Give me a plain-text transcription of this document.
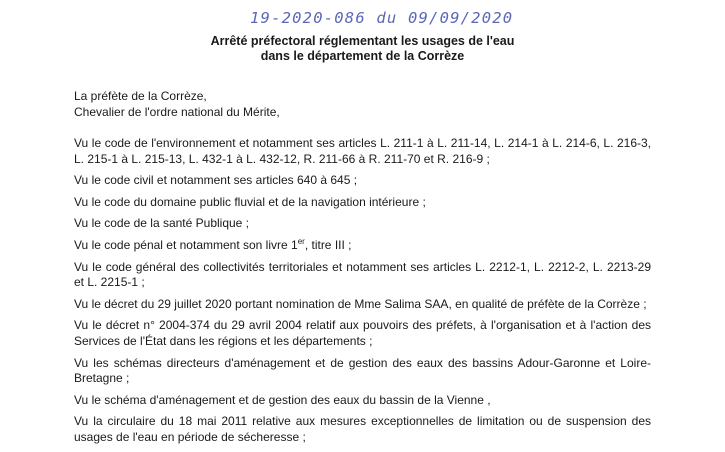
19-2020-086 du 09/09/2020
Arrêté préfectoral réglementant les usages de l'eau
dans le département de la Corrèze
La préfète de la Corrèze,
Chevalier de l'ordre national du Mérite,

Vu le code de l'environnement et notamment ses articles L. 211-1 à L. 211-14, L. 214-1 à L. 214-6, L. 216-3, L. 215-1 à L. 215-13, L. 432-1 à L. 432-12, R. 211-66 à R. 211-70 et R. 216-9 ;

Vu le code civil et notamment ses articles 640 à 645 ;

Vu le code du domaine public fluvial et de la navigation intérieure ;

Vu le code de la santé Publique ;

Vu le code pénal et notamment son livre 1er, titre III ;

Vu le code général des collectivités territoriales et notamment ses articles L. 2212-1, L. 2212-2, L. 2213-29 et L. 2215-1 ;

Vu le décret du 29 juillet 2020 portant nomination de Mme Salima SAA, en qualité de préfète de la Corrèze ;

Vu le décret n° 2004-374 du 29 avril 2004 relatif aux pouvoirs des préfets, à l'organisation et à l'action des Services de l'État dans les régions et les départements ;

Vu les schémas directeurs d'aménagement et de gestion des eaux des bassins Adour-Garonne et Loire-Bretagne ;

Vu le schéma d'aménagement et de gestion des eaux du bassin de la Vienne ,

Vu la circulaire du 18 mai 2011 relative aux mesures exceptionnelles de limitation ou de suspension des usages de l'eau en période de sécheresse ;
